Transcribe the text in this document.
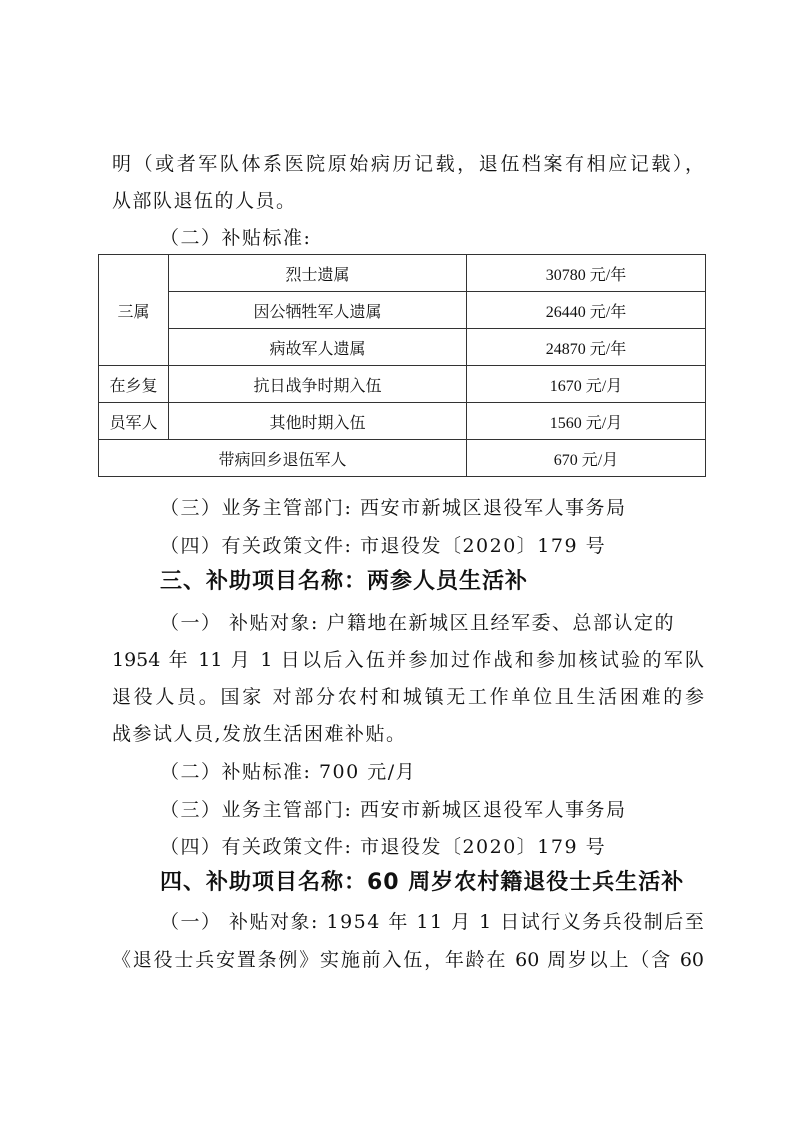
明（或者军队体系医院原始病历记载，退伍档案有相应记载），
从部队退伍的人员。
（二）补贴标准:
三属	烈士遗属	30780 元/年
	因公牺牲军人遗属	26440 元/年
	病故军人遗属	24870 元/年
在乡复	抗日战争时期入伍	1670 元/月
员军人	其他时期入伍	1560 元/月
带病回乡退伍军人		670 元/月
（三）业务主管部门: 西安市新城区退役军人事务局
（四）有关政策文件: 市退役发〔2020〕179 号
三、补助项目名称：两参人员生活补
（一） 补贴对象: 户籍地在新城区且经军委、总部认定的
1954 年 11 月 1 日以后入伍并参加过作战和参加核试验的军队
退役人员。国家 对部分农村和城镇无工作单位且生活困难的参
战参试人员,发放生活困难补贴。
（二）补贴标准: 700 元/月
（三）业务主管部门: 西安市新城区退役军人事务局
（四）有关政策文件: 市退役发〔2020〕179 号
四、补助项目名称：60 周岁农村籍退役士兵生活补
（一） 补贴对象: 1954 年 11 月 1 日试行义务兵役制后至
《退役士兵安置条例》实施前入伍，年龄在 60 周岁以上（含 60
